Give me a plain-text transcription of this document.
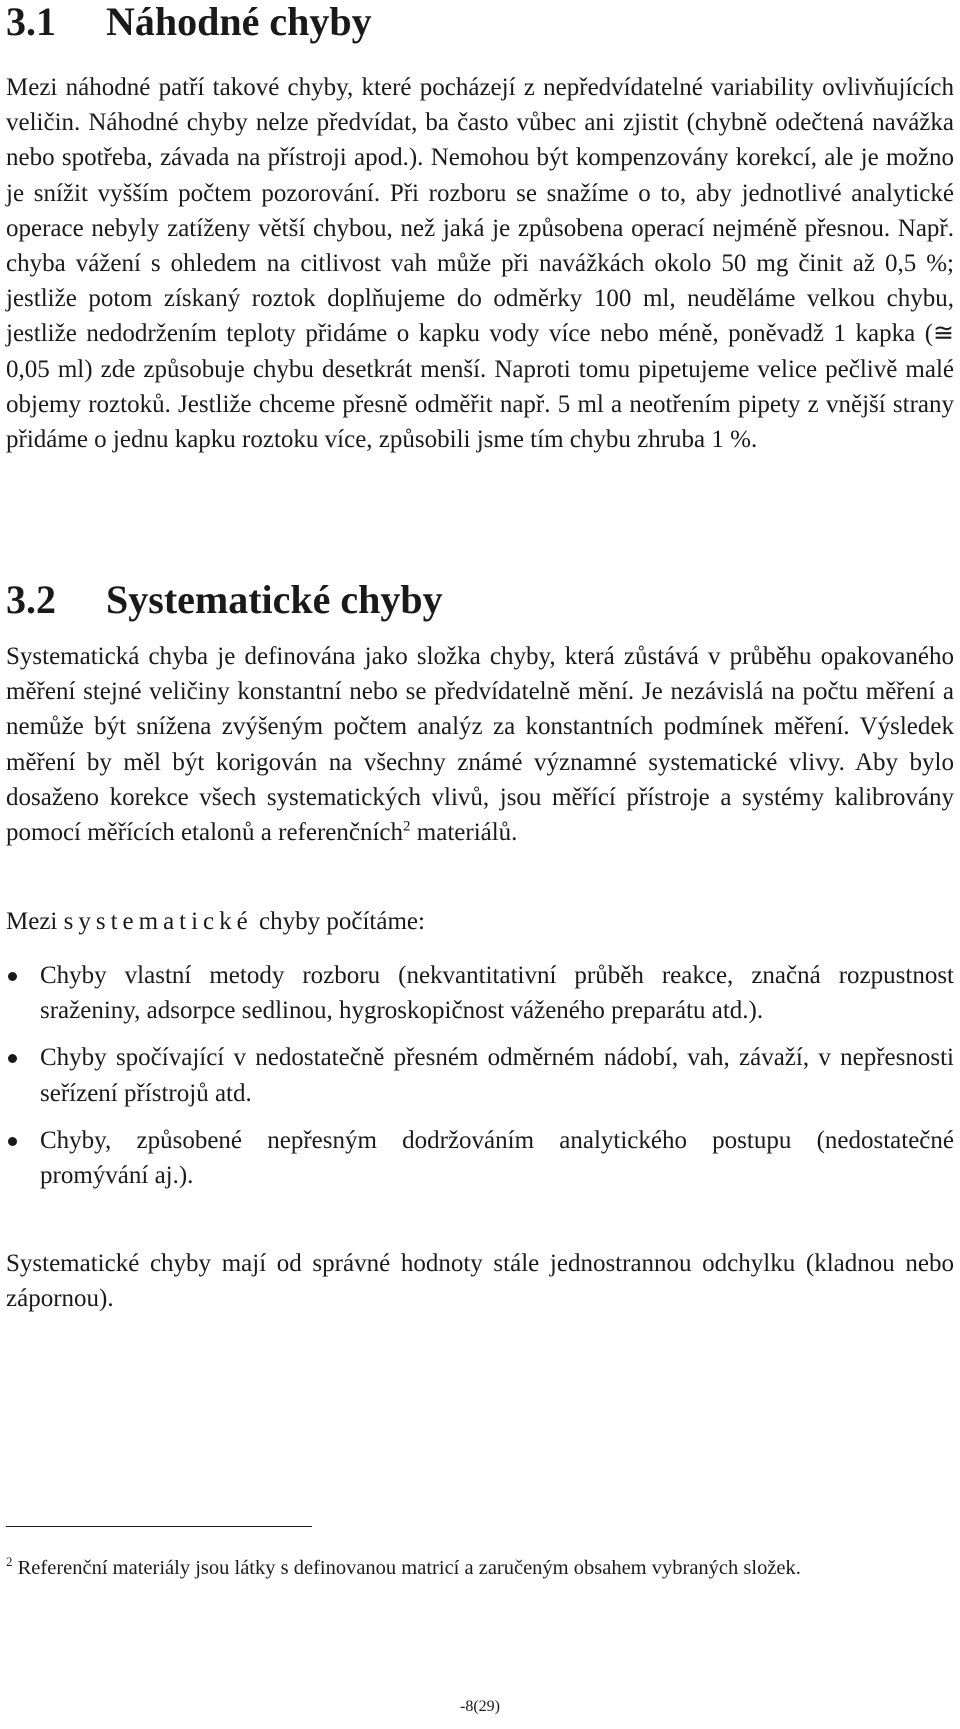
3.1 Náhodné chyby

Mezi náhodné patří takové chyby, které pocházejí z nepředvídatelné variability ovlivňujících veličin. Náhodné chyby nelze předvídat, ba často vůbec ani zjistit (chybně odečtená navážka nebo spotřeba, závada na přístroji apod.). Nemohou být kompenzovány korekcí, ale je možno je snížit vyšším počtem pozorování. Při rozboru se snažíme o to, aby jednotlivé analytické operace nebyly zatíženy větší chybou, než jaká je způsobena operací nejméně přesnou. Např. chyba vážení s ohledem na citlivost vah může při navážkách okolo 50 mg činit až 0,5 %; jestliže potom získaný roztok doplňujeme do odměrky 100 ml, neuděláme velkou chybu, jestliže nedodržením teploty přidáme o kapku vody více nebo méně, poněvadž 1 kapka (≅ 0,05 ml) zde způsobuje chybu desetkrát menší. Naproti tomu pipetujeme velice pečlivě malé objemy roztoků. Jestliže chceme přesně odměřit např. 5 ml a neotřením pipety z vnější strany přidáme o jednu kapku roztoku více, způsobili jsme tím chybu zhruba 1 %.

3.2 Systematické chyby

Systematická chyba je definována jako složka chyby, která zůstává v průběhu opakovaného měření stejné veličiny konstantní nebo se předvídatelně mění. Je nezávislá na počtu měření a nemůže být snížena zvýšeným počtem analýz za konstantních podmínek měření. Výsledek měření by měl být korigován na všechny známé významné systematické vlivy. Aby bylo dosaženo korekce všech systematických vlivů, jsou měřící přístroje a systémy kalibrovány pomocí měřících etalonů a referenčních$^2$ materiálů.

Mezi systematické chyby počítáme:

Chyby vlastní metody rozboru (nekvantitativní průběh reakce, značná rozpustnost sraženiny, adsorpce sedlinou, hygroskopičnost váženého preparátu atd.).
Chyby spočívající v nedostatečně přesném odměrném nádobí, vah, závaží, v nepřesnosti seřízení přístrojů atd.
Chyby, způsobené nepřesným dodržováním analytického postupu (nedostatečné promývání aj.).

Systematické chyby mají od správné hodnoty stále jednostrannou odchylku (kladnou nebo zápornou).

$^2$ Referenční materiály jsou látky s definovanou matricí a zaručeným obsahem vybraných složek.

-8(29)
